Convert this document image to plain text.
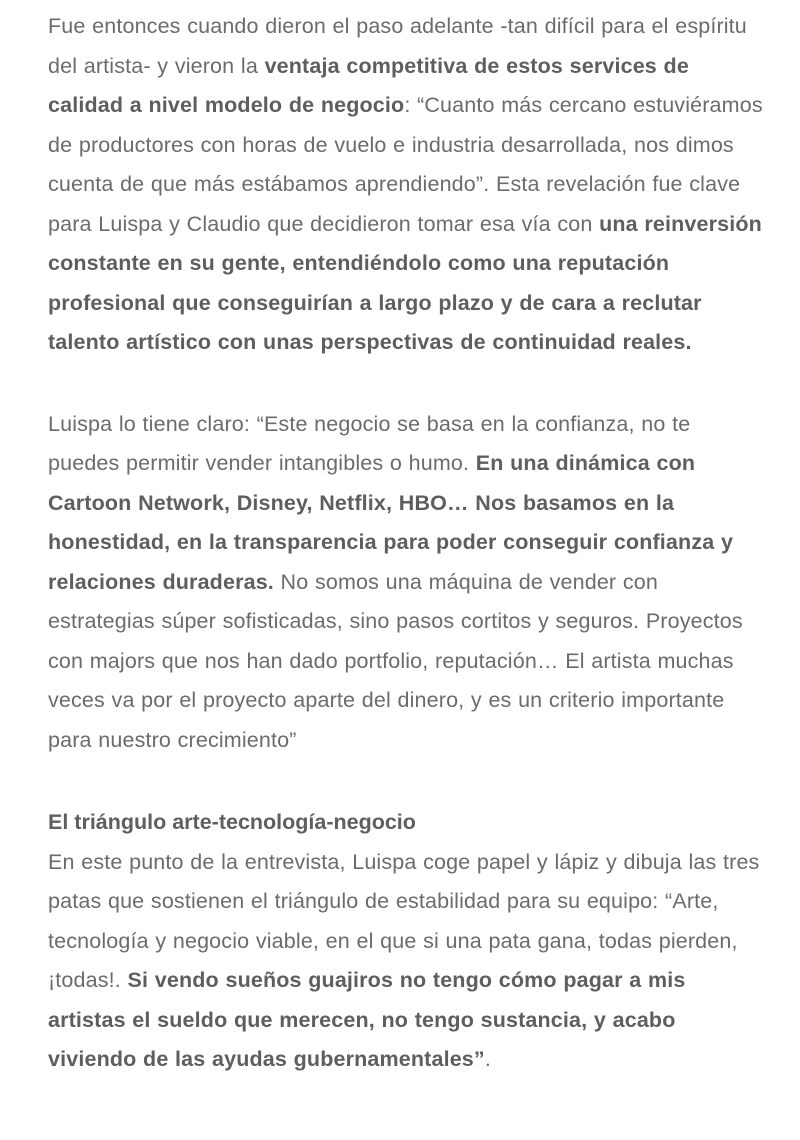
Fue entonces cuando dieron el paso adelante -tan difícil para el espíritu del artista- y vieron la ventaja competitiva de estos services de calidad a nivel modelo de negocio: “Cuanto más cercano estuviéramos de productores con horas de vuelo e industria desarrollada, nos dimos cuenta de que más estábamos aprendiendo”. Esta revelación fue clave para Luispa y Claudio que decidieron tomar esa vía con una reinversión constante en su gente, entendiéndolo como una reputación profesional que conseguirían a largo plazo y de cara a reclutar talento artístico con unas perspectivas de continuidad reales.

Luispa lo tiene claro: “Este negocio se basa en la confianza, no te puedes permitir vender intangibles o humo. En una dinámica con Cartoon Network, Disney, Netflix, HBO… Nos basamos en la honestidad, en la transparencia para poder conseguir confianza y relaciones duraderas. No somos una máquina de vender con estrategias súper sofisticadas, sino pasos cortitos y seguros. Proyectos con majors que nos han dado portfolio, reputación… El artista muchas veces va por el proyecto aparte del dinero, y es un criterio importante para nuestro crecimiento”

El triángulo arte-tecnología-negocio

En este punto de la entrevista, Luispa coge papel y lápiz y dibuja las tres patas que sostienen el triángulo de estabilidad para su equipo: “Arte, tecnología y negocio viable, en el que si una pata gana, todas pierden, ¡todas!. Si vendo sueños guajiros no tengo cómo pagar a mis artistas el sueldo que merecen, no tengo sustancia, y acabo viviendo de las ayudas gubernamentales”.
